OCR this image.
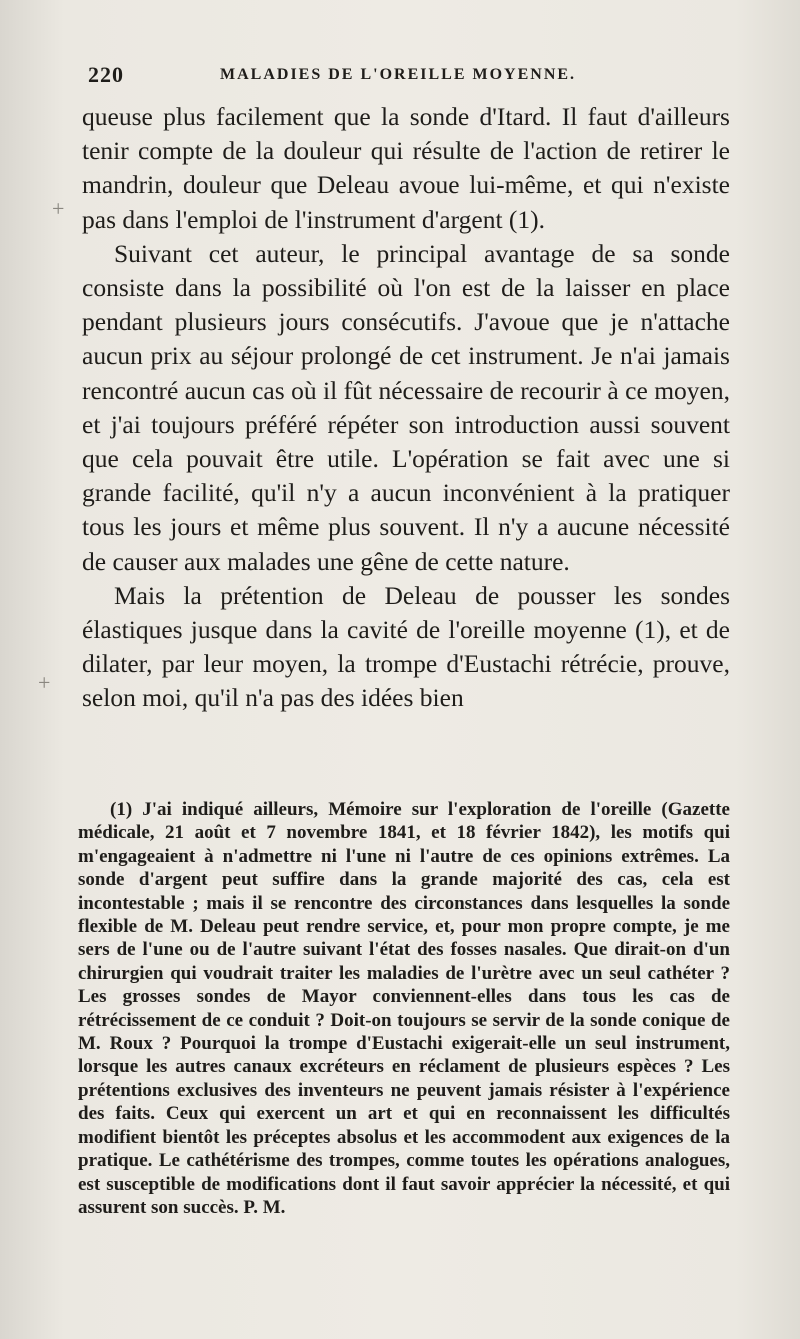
220	MALADIES DE L'OREILLE MOYENNE.
+
+

queuse plus facilement que la sonde d'Itard. Il faut d'ailleurs tenir compte de la douleur qui résulte de l'action de retirer le mandrin, douleur que Deleau avoue lui-même, et qui n'existe pas dans l'emploi de l'instrument d'argent (1).

Suivant cet auteur, le principal avantage de sa sonde consiste dans la possibilité où l'on est de la laisser en place pendant plusieurs jours consécutifs. J'avoue que je n'attache aucun prix au séjour prolongé de cet instrument. Je n'ai jamais rencontré aucun cas où il fût nécessaire de recourir à ce moyen, et j'ai toujours préféré répéter son introduction aussi souvent que cela pouvait être utile. L'opération se fait avec une si grande facilité, qu'il n'y a aucun inconvénient à la pratiquer tous les jours et même plus souvent. Il n'y a aucune nécessité de causer aux malades une gêne de cette nature.

Mais la prétention de Deleau de pousser les sondes élastiques jusque dans la cavité de l'oreille moyenne (1), et de dilater, par leur moyen, la trompe d'Eustachi rétrécie, prouve, selon moi, qu'il n'a pas des idées bien

(1) J'ai indiqué ailleurs, Mémoire sur l'exploration de l'oreille (Gazette médicale, 21 août et 7 novembre 1841, et 18 février 1842), les motifs qui m'engageaient à n'admettre ni l'une ni l'autre de ces opinions extrêmes. La sonde d'argent peut suffire dans la grande majorité des cas, cela est incontestable ; mais il se rencontre des circonstances dans lesquelles la sonde flexible de M. Deleau peut rendre service, et, pour mon propre compte, je me sers de l'une ou de l'autre suivant l'état des fosses nasales. Que dirait-on d'un chirurgien qui voudrait traiter les maladies de l'urètre avec un seul cathéter ? Les grosses sondes de Mayor conviennent-elles dans tous les cas de rétrécissement de ce conduit ? Doit-on toujours se servir de la sonde conique de M. Roux ? Pourquoi la trompe d'Eustachi exigerait-elle un seul instrument, lorsque les autres canaux excréteurs en réclament de plusieurs espèces ? Les prétentions exclusives des inventeurs ne peuvent jamais résister à l'expérience des faits. Ceux qui exercent un art et qui en reconnaissent les difficultés modifient bientôt les préceptes absolus et les accommodent aux exigences de la pratique. Le cathétérisme des trompes, comme toutes les opérations analogues, est susceptible de modifications dont il faut savoir apprécier la nécessité, et qui assurent son succès. P. M.
